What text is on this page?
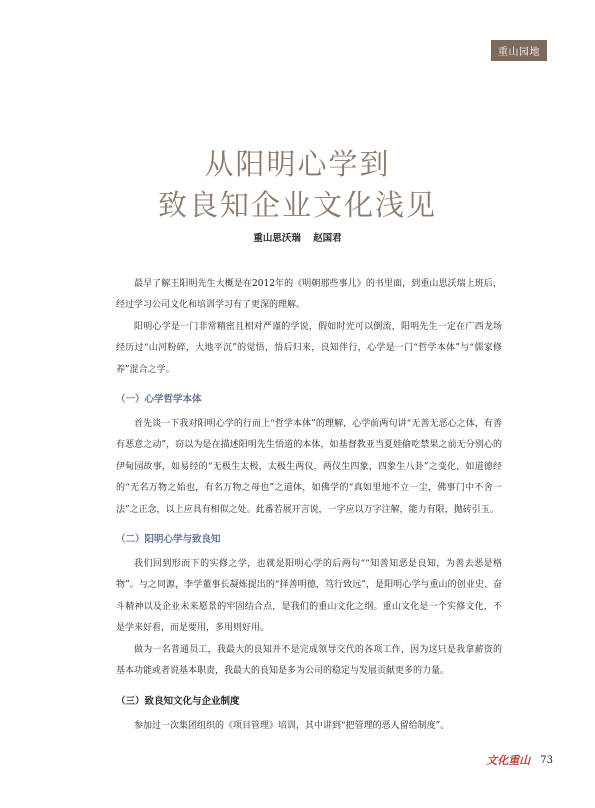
重山园地
从阳明心学到
致良知企业文化浅见
重山思沃瑞 赵国君

最早了解王阳明先生大概是在2012年的《明朝那些事儿》的书里面，到重山思沃瑞上班后，经过学习公司文化和培训学习有了更深的理解。

阳明心学是一门非常精密且相对严谨的学说，假如时光可以倒流，阳明先生一定在广西龙场经历过“山河粉碎，大地平沉”的觉悟，悟后归来，良知伴行，心学是一门“哲学本体”与“儒家修养”混合之学。

（一）心学哲学本体

首先谈一下我对阳明心学的行而上“哲学本体”的理解，心学前两句讲“无善无恶心之体，有善有恶意之动”，窃以为是在描述阳明先生悟道的本体，如基督教亚当夏娃偷吃禁果之前无分别心的伊甸园故事，如易经的“无极生太极，太极生两仪，两仪生四象，四象生八卦”之变化，如道德经的“无名万物之始也，有名万物之母也”之道体，如佛学的“真如里地不立一尘，佛事门中不舍一法”之正念，以上应具有相似之处。此番若展开言说，一字应以万字注解，能力有限，抛砖引玉。

（二）阳明心学与致良知

我们回到形而下的实修之学，也就是阳明心学的后两句““知善知恶是良知，为善去恶是格物”。与之同源，李学董事长凝炼提出的“择善明德，笃行致远”，是阳明心学与重山的创业史、奋斗精神以及企业未来愿景的牢固结合点，是我们的重山文化之纲。重山文化是一个实修文化，不是学来好看，而是要用，多用则好用。

做为一名普通员工，我最大的良知并不是完成领导交代的各项工作，因为这只是我拿薪资的基本功能或者说基本职责，我最大的良知是多为公司的稳定与发展贡献更多的力量。

（三）致良知文化与企业制度

参加过一次集团组织的《项目管理》培训，其中讲到“把管理的恶人留给制度”。

文化重山 73
